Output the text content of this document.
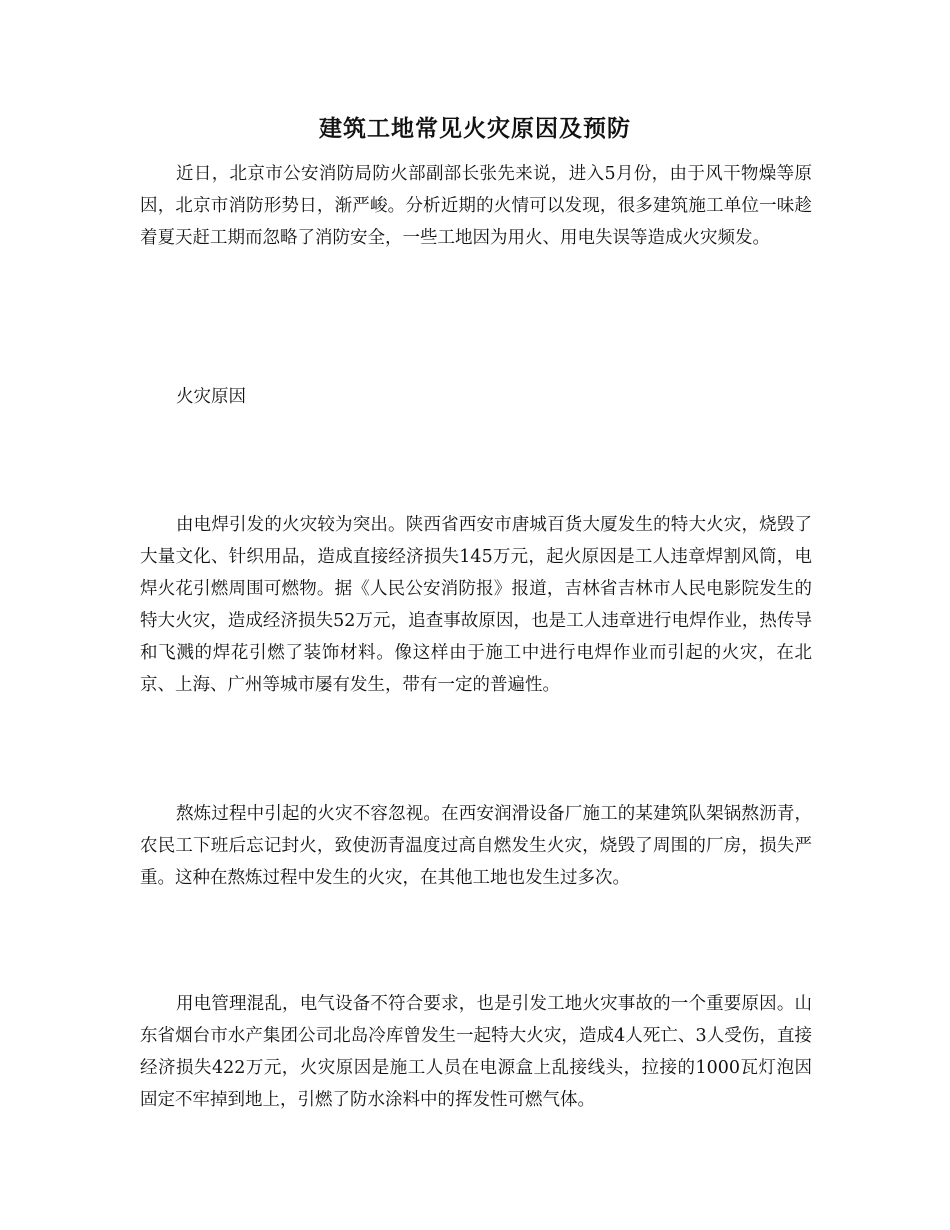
建筑工地常见火灾原因及预防

近日，北京市公安消防局防火部副部长张先来说，进入5月份，由于风干物燥等原因，北京市消防形势日，渐严峻。分析近期的火情可以发现，很多建筑施工单位一味趁着夏天赶工期而忽略了消防安全，一些工地因为用火、用电失误等造成火灾频发。

火灾原因

由电焊引发的火灾较为突出。陕西省西安市唐城百货大厦发生的特大火灾，烧毁了大量文化、针织用品，造成直接经济损失145万元，起火原因是工人违章焊割风筒，电焊火花引燃周围可燃物。据《人民公安消防报》报道，吉林省吉林市人民电影院发生的特大火灾，造成经济损失52万元，追查事故原因，也是工人违章进行电焊作业，热传导和飞溅的焊花引燃了装饰材料。像这样由于施工中进行电焊作业而引起的火灾，在北京、上海、广州等城市屡有发生，带有一定的普遍性。

熬炼过程中引起的火灾不容忽视。在西安润滑设备厂施工的某建筑队架锅熬沥青，农民工下班后忘记封火，致使沥青温度过高自燃发生火灾，烧毁了周围的厂房，损失严重。这种在熬炼过程中发生的火灾，在其他工地也发生过多次。

用电管理混乱，电气设备不符合要求，也是引发工地火灾事故的一个重要原因。山东省烟台市水产集团公司北岛冷库曾发生一起特大火灾，造成4人死亡、3人受伤，直接经济损失422万元，火灾原因是施工人员在电源盒上乱接线头，拉接的1000瓦灯泡因固定不牢掉到地上，引燃了防水涂料中的挥发性可燃气体。
